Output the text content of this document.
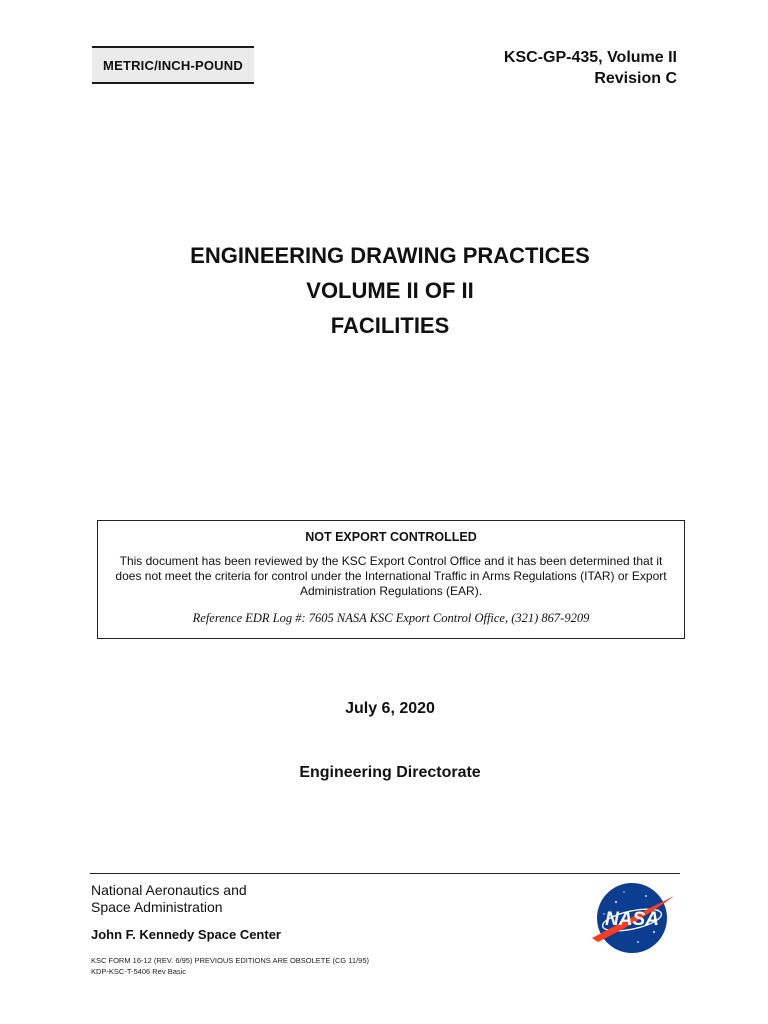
METRIC/INCH-POUND	KSC-GP-435, Volume II
Revision C
ENGINEERING DRAWING PRACTICES
VOLUME II OF II
FACILITIES
NOT EXPORT CONTROLLED
This document has been reviewed by the KSC Export Control Office and it has been determined that it does not meet the criteria for control under the International Traffic in Arms Regulations (ITAR) or Export Administration Regulations (EAR).
Reference EDR Log #: 7605 NASA KSC Export Control Office, (321) 867-9209
July 6, 2020
Engineering Directorate
National Aeronautics and
Space Administration
John F. Kennedy Space Center
KSC FORM 16-12 (REV. 6/95) PREVIOUS EDITIONS ARE OBSOLETE (CG 11/95)
KDP-KSC-T-5406 Rev Basic
NASA
